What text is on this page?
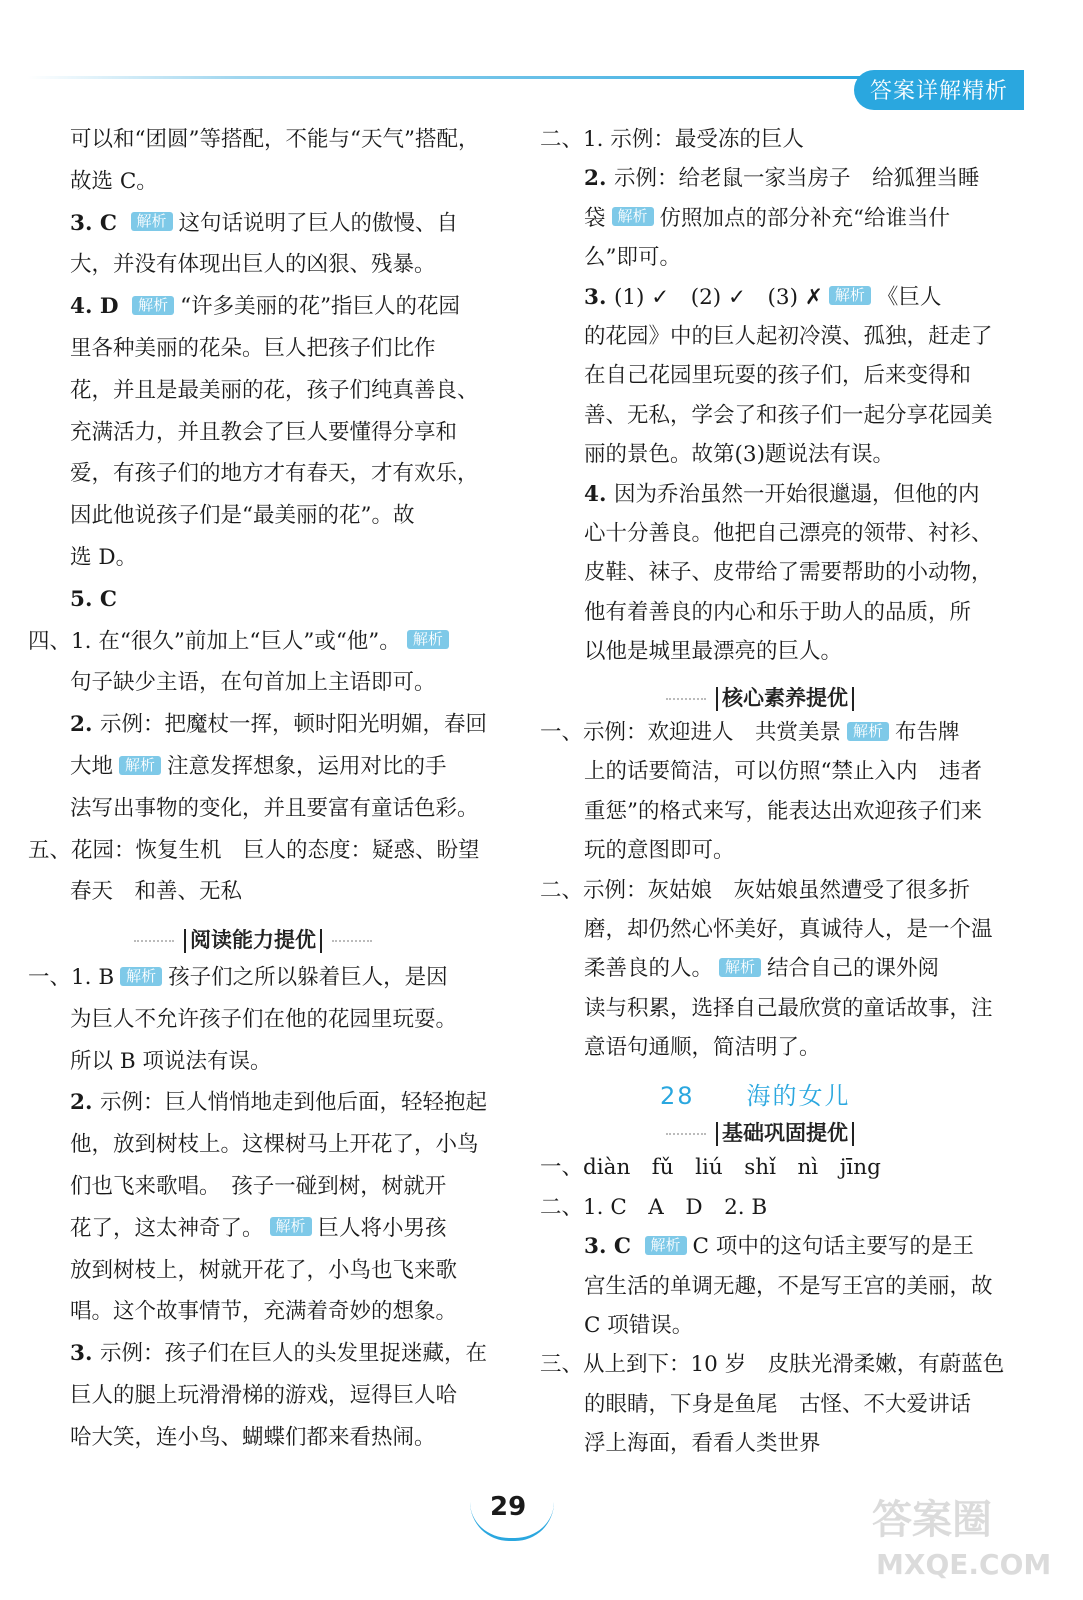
答案详解精析
可以和“团圆”等搭配，不能与“天气”搭配，
故选 C。
3. C 解析 这句话说明了巨人的傲慢、自
大，并没有体现出巨人的凶狠、残暴。
4. D 解析 “许多美丽的花”指巨人的花园
里各种美丽的花朵。巨人把孩子们比作
花，并且是最美丽的花，孩子们纯真善良、
充满活力，并且教会了巨人要懂得分享和
爱，有孩子们的地方才有春天，才有欢乐，
因此他说孩子们是“最美丽的花”。故
选 D。
5. C
四、1. 在“很久”前加上“巨人”或“他”。 解析
句子缺少主语，在句首加上主语即可。
2. 示例：把魔杖一挥，顿时阳光明媚，春回
大地 解析 注意发挥想象，运用对比的手
法写出事物的变化，并且要富有童话色彩。
五、花园：恢复生机　巨人的态度：疑惑、盼望
春天　和善、无私
阅读能力提优
一、1. B 解析 孩子们之所以躲着巨人，是因
为巨人不允许孩子们在他的花园里玩耍。
所以 B 项说法有误。
2. 示例：巨人悄悄地走到他后面，轻轻抱起
他，放到树枝上。这棵树马上开花了，小鸟
们也飞来歌唱。　孩子一碰到树，树就开
花了，这太神奇了。 解析 巨人将小男孩
放到树枝上，树就开花了，小鸟也飞来歌
唱。这个故事情节，充满着奇妙的想象。
3. 示例：孩子们在巨人的头发里捉迷藏，在
巨人的腿上玩滑滑梯的游戏，逗得巨人哈
哈大笑，连小鸟、蝴蝶们都来看热闹。
二、1. 示例：最受冻的巨人
2. 示例：给老鼠一家当房子　给狐狸当睡
袋 解析 仿照加点的部分补充“给谁当什
么”即可。
3. (1) ✓　(2) ✓　(3) ✗ 解析 《巨人
的花园》中的巨人起初冷漠、孤独，赶走了
在自己花园里玩耍的孩子们，后来变得和
善、无私，学会了和孩子们一起分享花园美
丽的景色。故第(3)题说法有误。
4. 因为乔治虽然一开始很邋遢，但他的内
心十分善良。他把自己漂亮的领带、衬衫、
皮鞋、袜子、皮带给了需要帮助的小动物，
他有着善良的内心和乐于助人的品质，所
以他是城里最漂亮的巨人。
核心素养提优
一、示例：欢迎进人　共赏美景 解析 布告牌
上的话要简洁，可以仿照“禁止入内　违者
重惩”的格式来写，能表达出欢迎孩子们来
玩的意图即可。
二、示例：灰姑娘　灰姑娘虽然遭受了很多折
磨，却仍然心怀美好，真诚待人，是一个温
柔善良的人。 解析 结合自己的课外阅
读与积累，选择自己最欣赏的童话故事，注
意语句通顺，简洁明了。
28　　海的女儿
基础巩固提优
一、diàn　fǔ　liú　shǐ　nì　jīng
二、1. C　A　D　2. B
3. C 解析 C 项中的这句话主要写的是王
宫生活的单调无趣，不是写王宫的美丽，故
C 项错误。
三、从上到下：10 岁　皮肤光滑柔嫩，有蔚蓝色
的眼睛，下身是鱼尾　古怪、不大爱讲话
浮上海面，看看人类世界
29	答案圈
MXQE.COM
